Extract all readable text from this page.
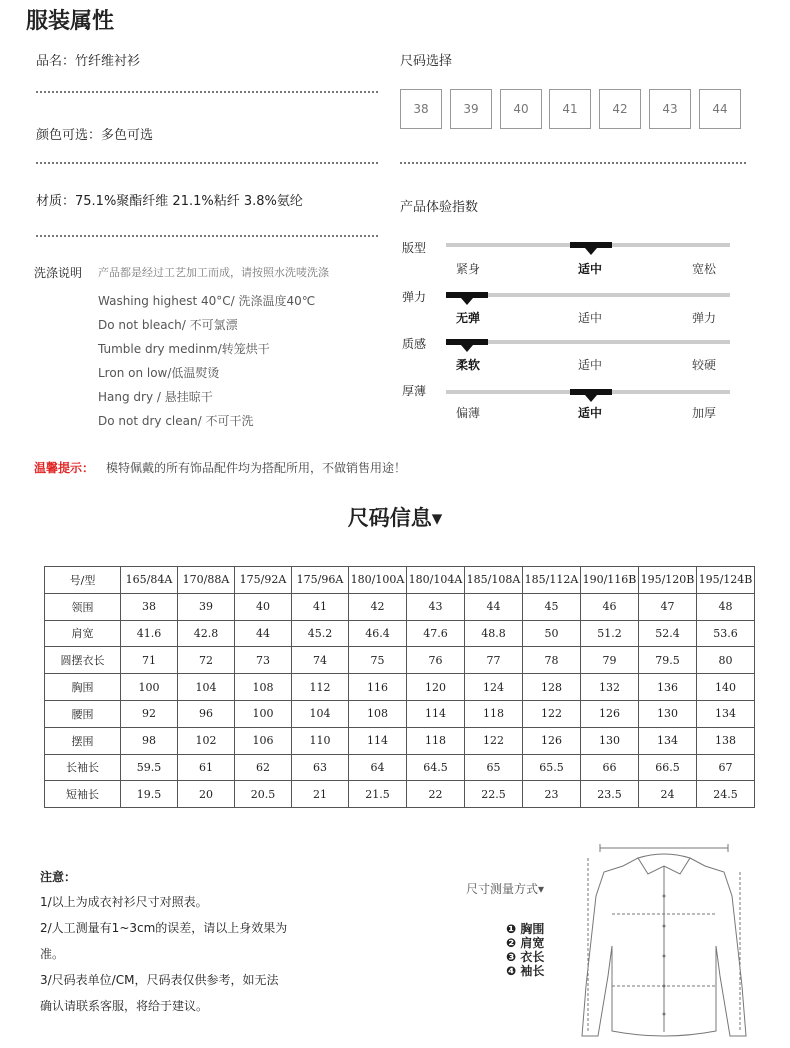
服装属性
品名：竹纤维衬衫
颜色可选：多色可选
材质：75.1%聚酯纤维 21.1%粘纤 3.8%氨纶
尺码选择
38	39	40	41	42	43	44
产品体验指数
版型
紧身	适中	宽松
弹力
无弹	适中	弹力
质感
柔软	适中	较硬
厚薄
偏薄	适中	加厚
洗涤说明 产品都是经过工艺加工而成，请按照水洗唛洗涤
Washing highest 40°C/ 洗涤温度40℃
Do not bleach/ 不可氯漂
Tumble dry medinm/转笼烘干
Lron on low/低温熨烫
Hang dry / 悬挂晾干
Do not dry clean/ 不可干洗
温馨提示： 模特佩戴的所有饰品配件均为搭配所用，不做销售用途！
尺码信息▾
号/型	165/84A	170/88A	175/92A	175/96A	180/100A	180/104A	185/108A	185/112A	190/116B	195/120B	195/124B
领围	38	39	40	41	42	43	44	45	46	47	48
肩宽	41.6	42.8	44	45.2	46.4	47.6	48.8	50	51.2	52.4	53.6
圆摆衣长	71	72	73	74	75	76	77	78	79	79.5	80
胸围	100	104	108	112	116	120	124	128	132	136	140
腰围	92	96	100	104	108	114	118	122	126	130	134
摆围	98	102	106	110	114	118	122	126	130	134	138
长袖长	59.5	61	62	63	64	64.5	65	65.5	66	66.5	67
短袖长	19.5	20	20.5	21	21.5	22	22.5	23	23.5	24	24.5
注意：
1/以上为成衣衬衫尺寸对照表。
2/人工测量有1~3cm的误差，请以上身效果为
准。
3/尺码表单位/CM，尺码表仅供参考，如无法
确认请联系客服，将给于建议。
尺寸测量方式▾
❶ 胸围
❷ 肩宽
❸ 衣长
❹ 袖长
